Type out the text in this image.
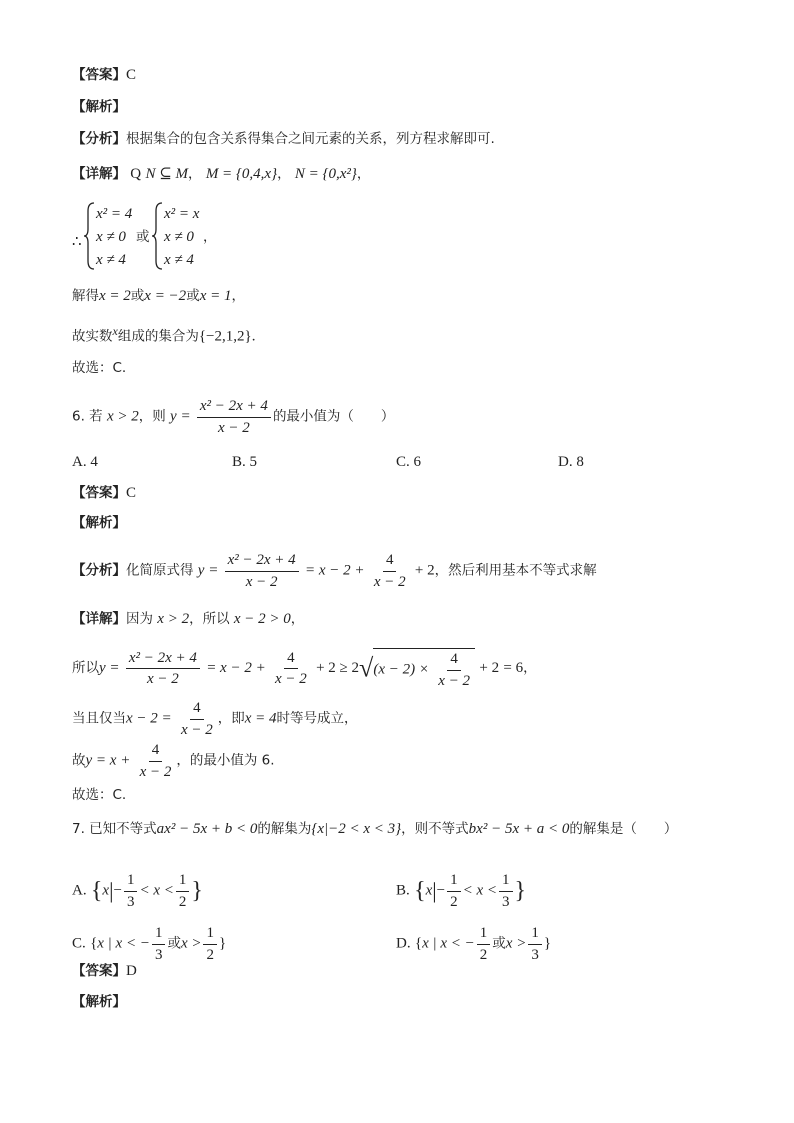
【答案】C
【解析】
【分析】根据集合的包含关系得集合之间元素的关系，列方程求解即可.
【详解】 Q N ⊆ M， M = {0,4,x}， N = {0,x²}，
∴
x² = 4
x ≠ 0
x ≠ 4
或
x² = x
x ≠ 0
x ≠ 4
，
解得x = 2或x = −2或x = 1，
故实数x组成的集合为{−2,1,2}.
故选：C.
6. 若 x > 2，则 $y = \frac{\text{x² − 2x + 4}}{x - 2}$ 的最小值为（　　）
A. 4	B. 5	C. 6	D. 8
【答案】C
【解析】
【分析】化简原式得 $y = \frac{\text{x² − 2x + 4}}{x - 2} = x - 2 + \frac{4}{x - 2} + 2$，然后利用基本不等式求解
【详解】因为 x > 2，所以 x − 2 > 0，
所以$y = \frac{\text{x² − 2x + 4}}{x - 2} = x - 2 + \frac{4}{x - 2} + 2 \ge 2√(x - 2) \times \frac{4}{x - 2} + 2 = 6$，
当且仅当$x - 2 = \frac{4}{x - 2}$ ，即x = 4时等号成立，
故$y = x + \frac{4}{x - 2}$ ，的最小值为 6.
故选：C.
7. 已知不等式ax² − 5x + b < 0的解集为{x|−2 < x < 3}，则不等式bx² − 5x + a < 0的解集是（　　）
A. {$x|- \frac{1}{3} < x < \frac{1}{2}$ }	B. {$x|- \frac{1}{2} < x < \frac{1}{3}$ }
C. {x | x < − $\frac{1}{3}$ 或$x > \frac{1}{2}$ }	D. {x | x < − $\frac{1}{2}$ 或$x > \frac{1}{3}$ }
【答案】D
【解析】
